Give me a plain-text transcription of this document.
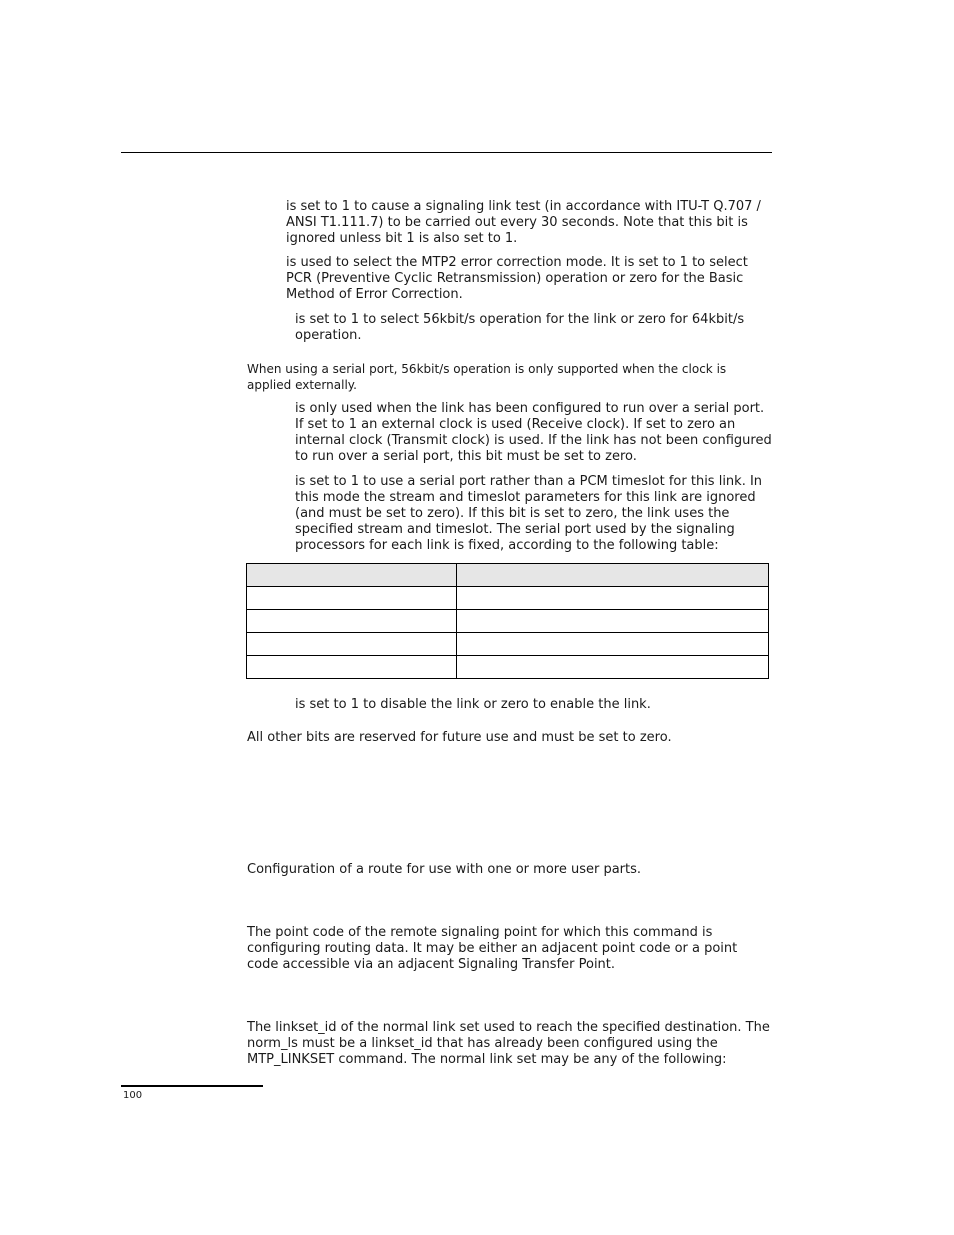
is set to 1 to cause a signaling link test (in accordance with ITU-T Q.707 / ANSI T1.111.7) to be carried out every 30 seconds. Note that this bit is ignored unless bit 1 is also set to 1.

is used to select the MTP2 error correction mode. It is set to 1 to select PCR (Preventive Cyclic Retransmission) operation or zero for the Basic Method of Error Correction.

is set to 1 to select 56kbit/s operation for the link or zero for 64kbit/s operation.

When using a serial port, 56kbit/s operation is only supported when the clock is applied externally.

is only used when the link has been configured to run over a serial port. If set to 1 an external clock is used (Receive clock). If set to zero an internal clock (Transmit clock) is used. If the link has not been configured to run over a serial port, this bit must be set to zero.

is set to 1 to use a serial port rather than a PCM timeslot for this link. In this mode the stream and timeslot parameters for this link are ignored (and must be set to zero). If this bit is set to zero, the link uses the specified stream and timeslot. The serial port used by the signaling processors for each link is fixed, according to the following table:

is set to 1 to disable the link or zero to enable the link.

All other bits are reserved for future use and must be set to zero.

Configuration of a route for use with one or more user parts.

The point code of the remote signaling point for which this command is configuring routing data. It may be either an adjacent point code or a point code accessible via an adjacent Signaling Transfer Point.

The linkset_id of the normal link set used to reach the specified destination. The norm_ls must be a linkset_id that has already been configured using the MTP_LINKSET command. The normal link set may be any of the following:

100
